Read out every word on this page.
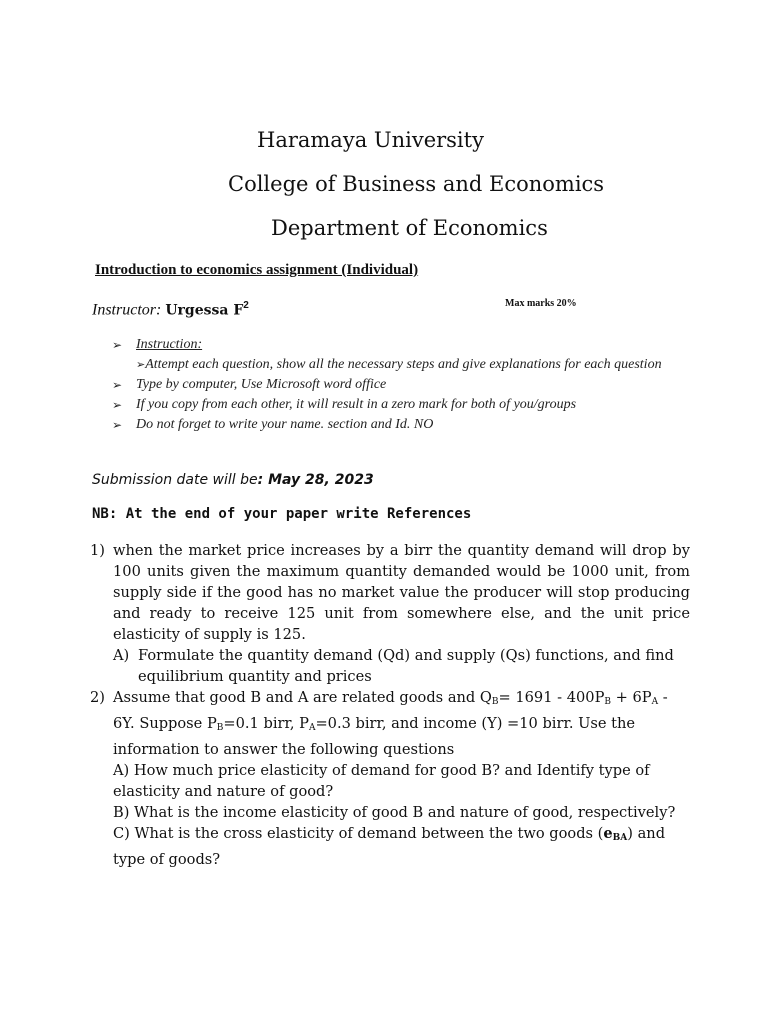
Haramaya University
College of Business and Economics
Department of Economics
Introduction to economics assignment (Individual)
Instructor: Urgessa $F^2$	Max marks 20%
➢ Instruction:
➢Attempt each question, show all the necessary steps and give explanations for each question
➢ Type by computer, Use Microsoft word office
➢ If you copy from each other, it will result in a zero mark for both of you/groups
➢ Do not forget to write your name. section and Id. NO
Submission date will be: May 28, 2023
NB: At the end of your paper write References
1) when the market price increases by a birr the quantity demand will drop by 100 units given the maximum quantity demanded would be 1000 unit, from supply side if the good has no market value the producer will stop producing and ready to receive 125 unit from somewhere else, and the unit price elasticity of supply is 125.
A) Formulate the quantity demand (Qd) and supply (Qs) functions, and find equilibrium quantity and prices
2) Assume that good B and A are related goods and $Q_B= 1691 - 400P_B + 6P_A - 6Y$. Suppose $P_B=0.1$ birr, $P_A=0.3$ birr, and income (Y) =10 birr. Use the information to answer the following questions
A) How much price elasticity of demand for good B? and Identify type of elasticity and nature of good?
B) What is the income elasticity of good B and nature of good, respectively?
C) What is the cross elasticity of demand between the two goods $(e_{BA})$ and type of goods?
